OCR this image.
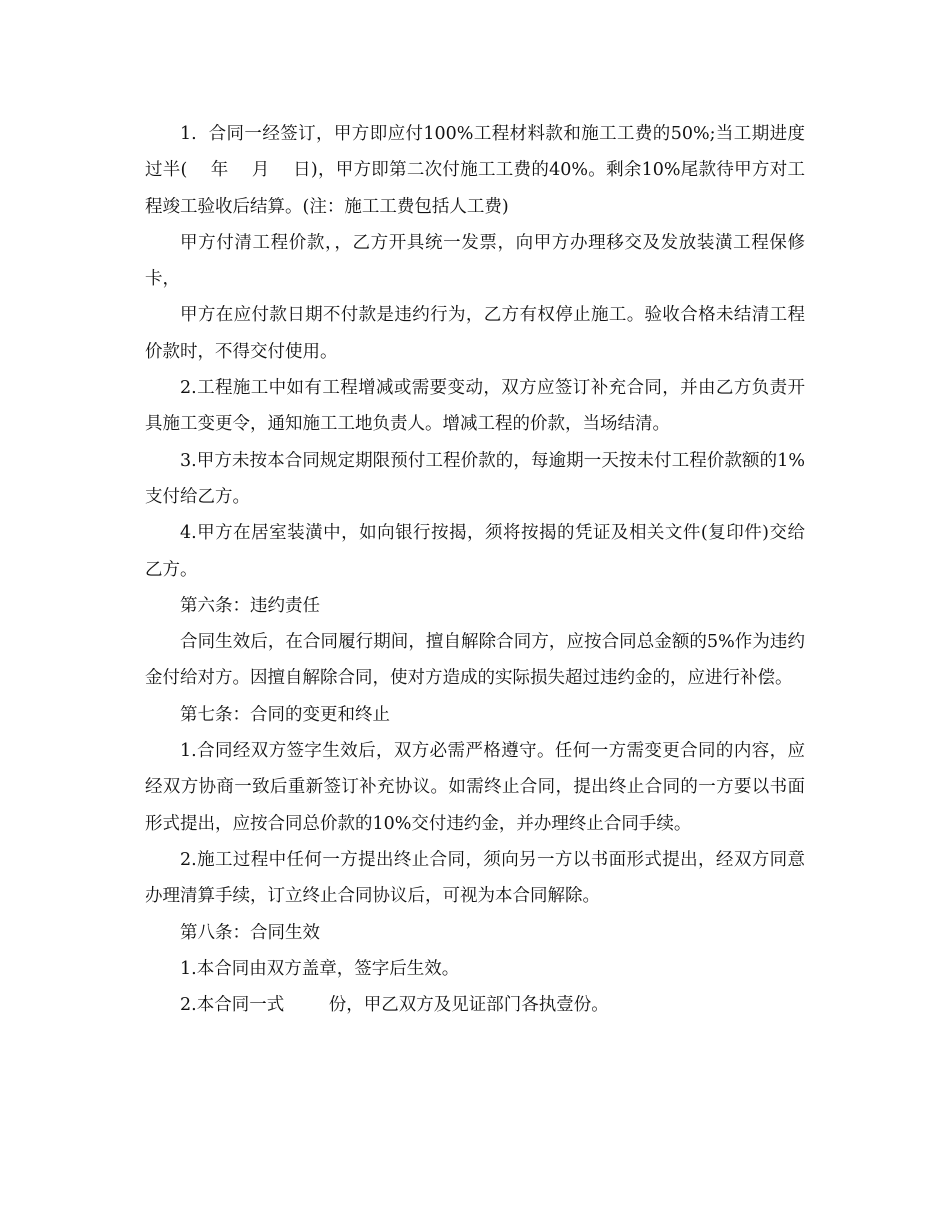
1.  合同一经签订，甲方即应付100%工程材料款和施工工费的50%;当工期进度过半(    年    月    日)，甲方即第二次付施工工费的40%。剩余10%尾款待甲方对工程竣工验收后结算。(注：施工工费包括人工费)

甲方付清工程价款，，乙方开具统一发票，向甲方办理移交及发放装潢工程保修卡，

甲方在应付款日期不付款是违约行为，乙方有权停止施工。验收合格未结清工程价款时，不得交付使用。

2.工程施工中如有工程增减或需要变动，双方应签订补充合同，并由乙方负责开具施工变更令，通知施工工地负责人。增减工程的价款，当场结清。

3.甲方未按本合同规定期限预付工程价款的，每逾期一天按未付工程价款额的1%支付给乙方。

4.甲方在居室装潢中，如向银行按揭，须将按揭的凭证及相关文件(复印件)交给乙方。

第六条：违约责任

合同生效后，在合同履行期间，擅自解除合同方，应按合同总金额的5%作为违约金付给对方。因擅自解除合同，使对方造成的实际损失超过违约金的，应进行补偿。

第七条：合同的变更和终止

1.合同经双方签字生效后，双方必需严格遵守。任何一方需变更合同的内容，应经双方协商一致后重新签订补充协议。如需终止合同，提出终止合同的一方要以书面形式提出，应按合同总价款的10%交付违约金，并办理终止合同手续。

2.施工过程中任何一方提出终止合同，须向另一方以书面形式提出，经双方同意办理清算手续，订立终止合同协议后，可视为本合同解除。

第八条：合同生效

1.本合同由双方盖章，签字后生效。

2.本合同一式        份，甲乙双方及见证部门各执壹份。
